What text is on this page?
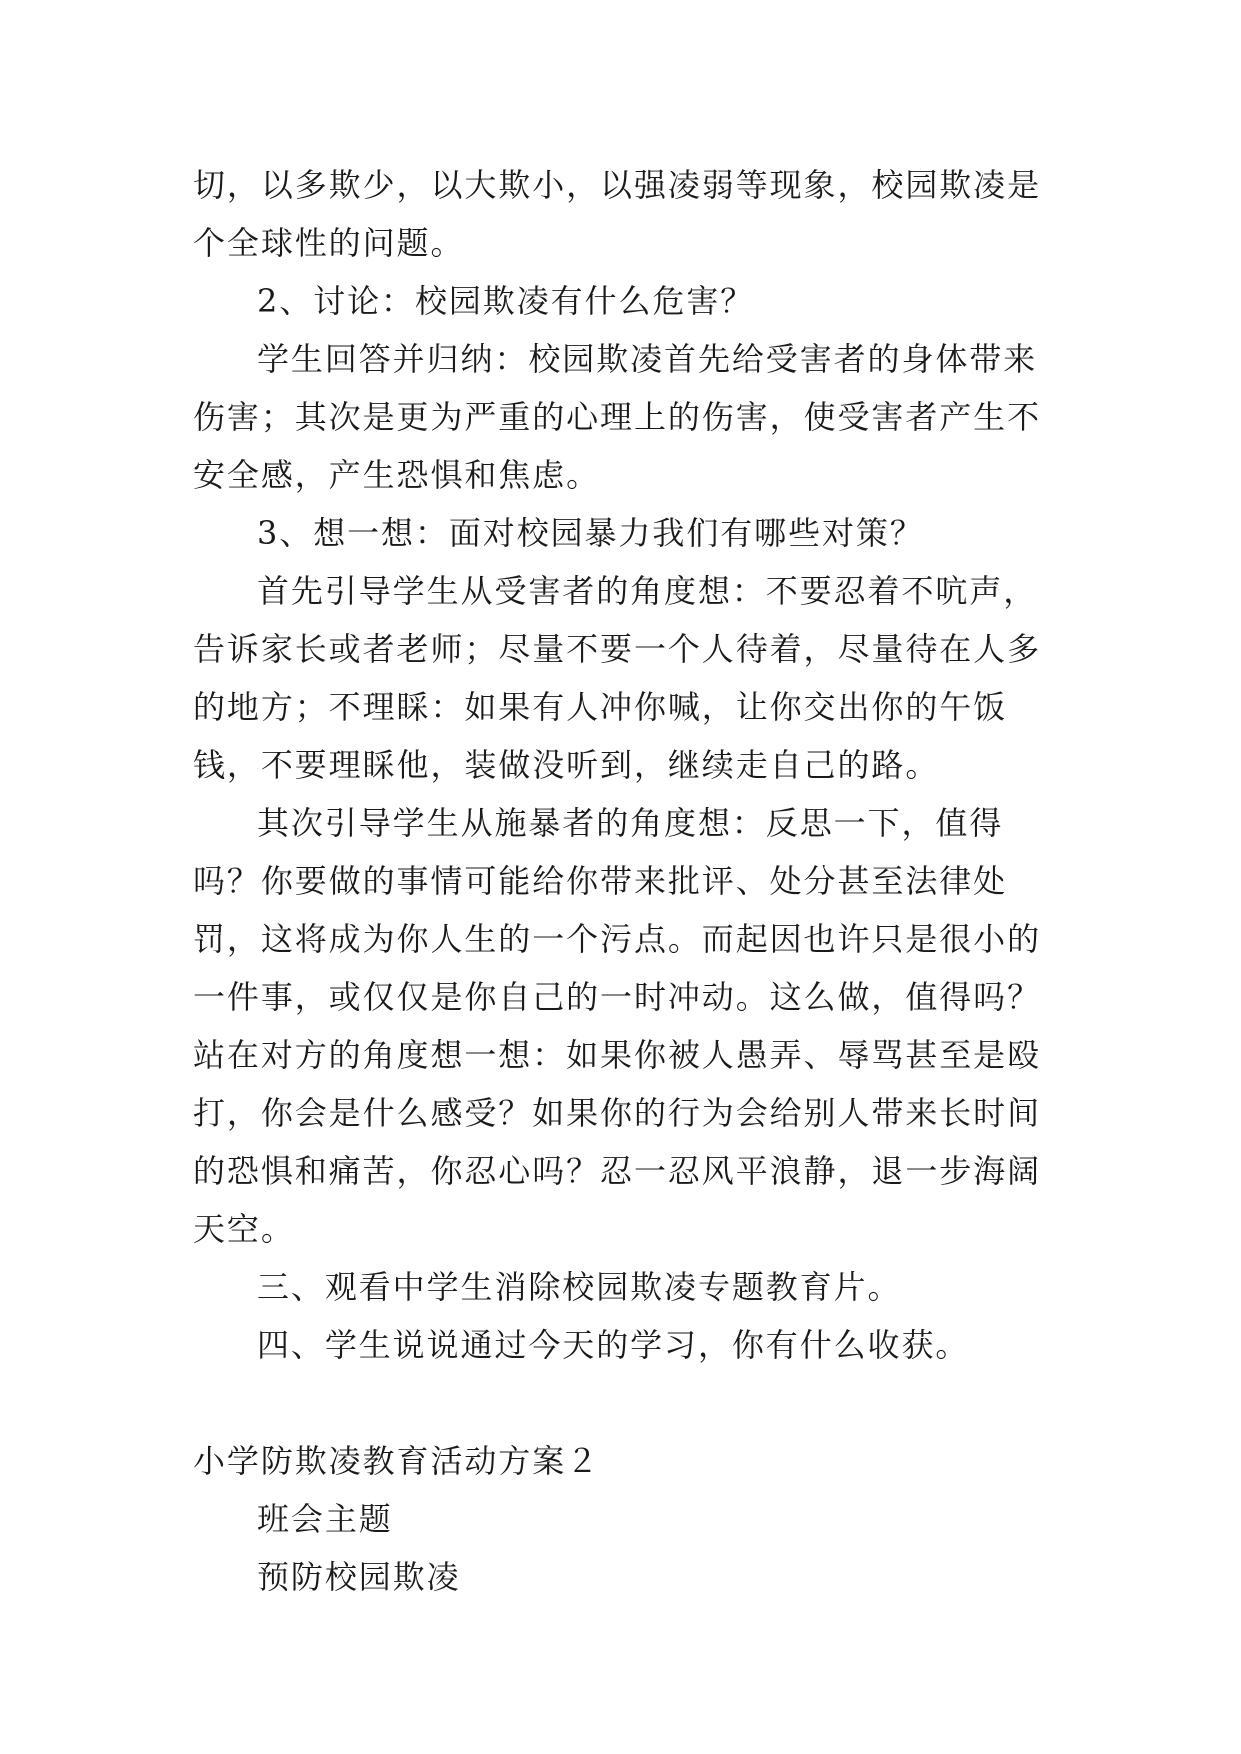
切，以多欺少，以大欺小，以强凌弱等现象，校园欺凌是个全球性的问题。

2、讨论：校园欺凌有什么危害？

学生回答并归纳：校园欺凌首先给受害者的身体带来伤害；其次是更为严重的心理上的伤害，使受害者产生不安全感，产生恐惧和焦虑。

3、想一想：面对校园暴力我们有哪些对策？

首先引导学生从受害者的角度想：不要忍着不吭声，告诉家长或者老师；尽量不要一个人待着，尽量待在人多的地方；不理睬：如果有人冲你喊，让你交出你的午饭钱，不要理睬他，装做没听到，继续走自己的路。

其次引导学生从施暴者的角度想：反思一下，值得吗？你要做的事情可能给你带来批评、处分甚至法律处罚，这将成为你人生的一个污点。而起因也许只是很小的一件事，或仅仅是你自己的一时冲动。这么做，值得吗？站在对方的角度想一想：如果你被人愚弄、辱骂甚至是殴打，你会是什么感受？如果你的行为会给别人带来长时间的恐惧和痛苦，你忍心吗？忍一忍风平浪静，退一步海阔天空。

三、观看中学生消除校园欺凌专题教育片。

四、学生说说通过今天的学习，你有什么收获。

小学防欺凌教育活动方案２

班会主题

预防校园欺凌
